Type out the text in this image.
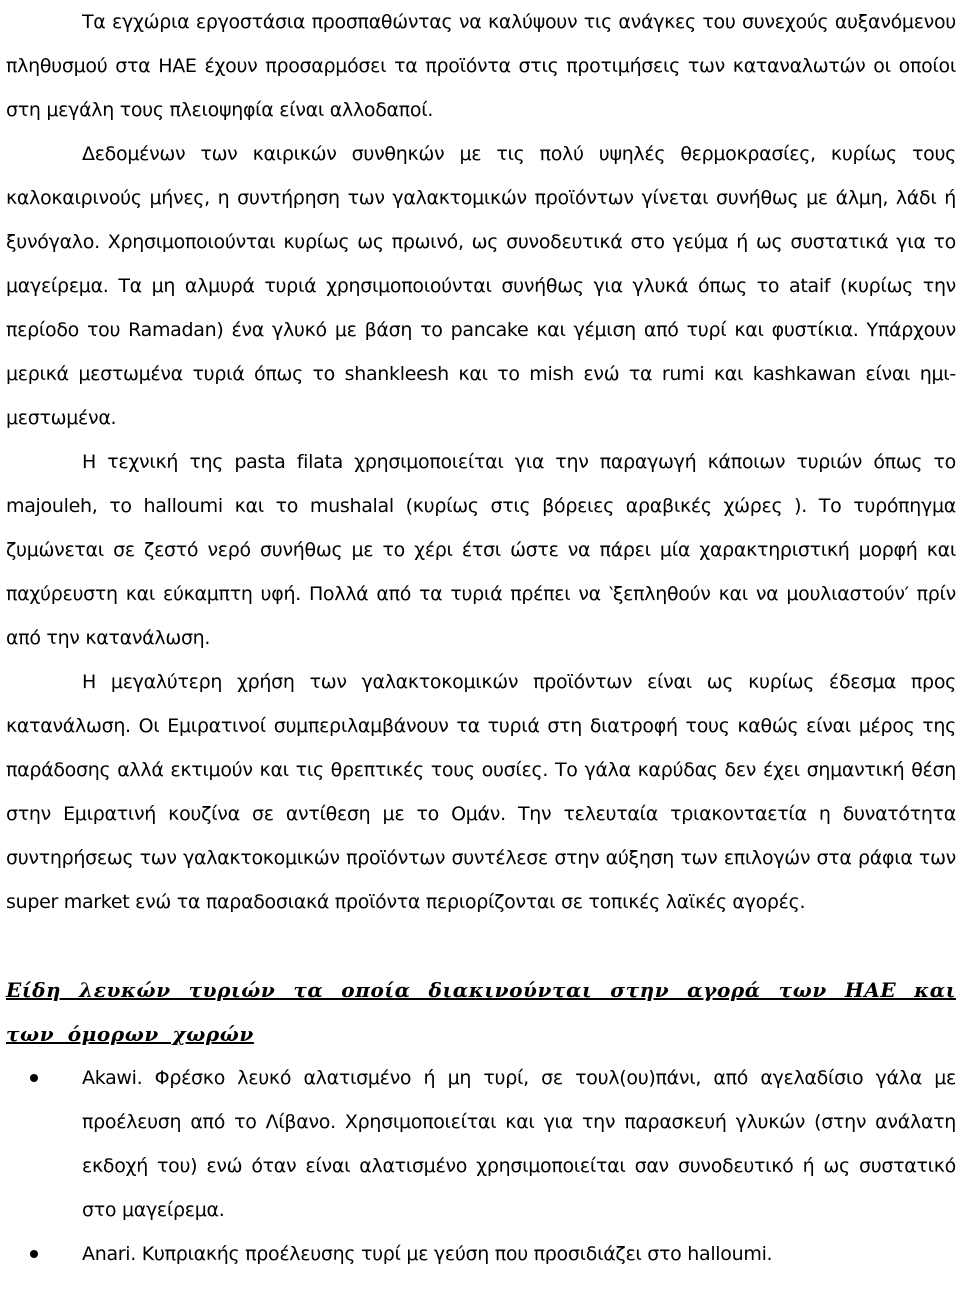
Τα εγχώρια εργοστάσια προσπαθώντας να καλύψουν τις ανάγκες του συνεχούς αυξανόμενου πληθυσμού στα ΗΑΕ έχουν προσαρμόσει τα προϊόντα στις προτιμήσεις των καταναλωτών οι οποίοι στη μεγάλη τους πλειοψηφία είναι αλλοδαποί.

Δεδομένων των καιρικών συνθηκών με τις πολύ υψηλές θερμοκρασίες, κυρίως τους καλοκαιρινούς μήνες, η συντήρηση των γαλακτομικών προϊόντων γίνεται συνήθως με άλμη, λάδι ή ξυνόγαλο. Χρησιμοποιούνται κυρίως ως πρωινό, ως συνοδευτικά στο γεύμα ή ως συστατικά για το μαγείρεμα. Τα μη αλμυρά τυριά χρησιμοποιούνται συνήθως για γλυκά όπως το ataif (κυρίως την περίοδο του Ramadan) ένα γλυκό με βάση το pancake και γέμιση από τυρί και φυστίκια. Υπάρχουν μερικά μεστωμένα τυριά όπως το shankleesh και το mish ενώ τα rumi και kashkawan είναι ημι-μεστωμένα.

Η τεχνική της pasta filata χρησιμοποιείται για την παραγωγή κάποιων τυριών όπως το majouleh, το halloumi και το mushalal (κυρίως στις βόρειες αραβικές χώρες ). Το τυρόπηγμα ζυμώνεται σε ζεστό νερό συνήθως με το χέρι έτσι ώστε να πάρει μία χαρακτηριστική μορφή και παχύρευστη και εύκαμπτη υφή. Πολλά από τα τυριά πρέπει να ‵ξεπληθούν και να μουλιαστούν′ πρίν από την κατανάλωση.

Η μεγαλύτερη χρήση των γαλακτοκομικών προϊόντων είναι ως κυρίως έδεσμα προς κατανάλωση. Οι Εμιρατινοί συμπεριλαμβάνουν τα τυριά στη διατροφή τους καθώς είναι μέρος της παράδοσης αλλά εκτιμούν και τις θρεπτικές τους ουσίες. Το γάλα καρύδας δεν έχει σημαντική θέση στην Εμιρατινή κουζίνα σε αντίθεση με το Ομάν. Την τελευταία τριακονταετία η δυνατότητα συντηρήσεως των γαλακτοκομικών προϊόντων συντέλεσε στην αύξηση των επιλογών στα ράφια των super market ενώ τα παραδοσιακά προϊόντα περιορίζονται σε τοπικές λαϊκές αγορές.

Είδη λευκών τυριών τα οποία διακινούνται στην αγορά των ΗΑΕ και των όμορων χωρών
Akawi. Φρέσκο λευκό αλατισμένο ή μη τυρί, σε τουλ(ου)πάνι, από αγελαδίσιο γάλα με προέλευση από το Λίβανο. Χρησιμοποιείται και για την παρασκευή γλυκών (στην ανάλατη εκδοχή του) ενώ όταν είναι αλατισμένο χρησιμοποιείται σαν συνοδευτικό ή ως συστατικό στο μαγείρεμα.
Anari. Κυπριακής προέλευσης τυρί με γεύση που προσιδιάζει στο halloumi.
